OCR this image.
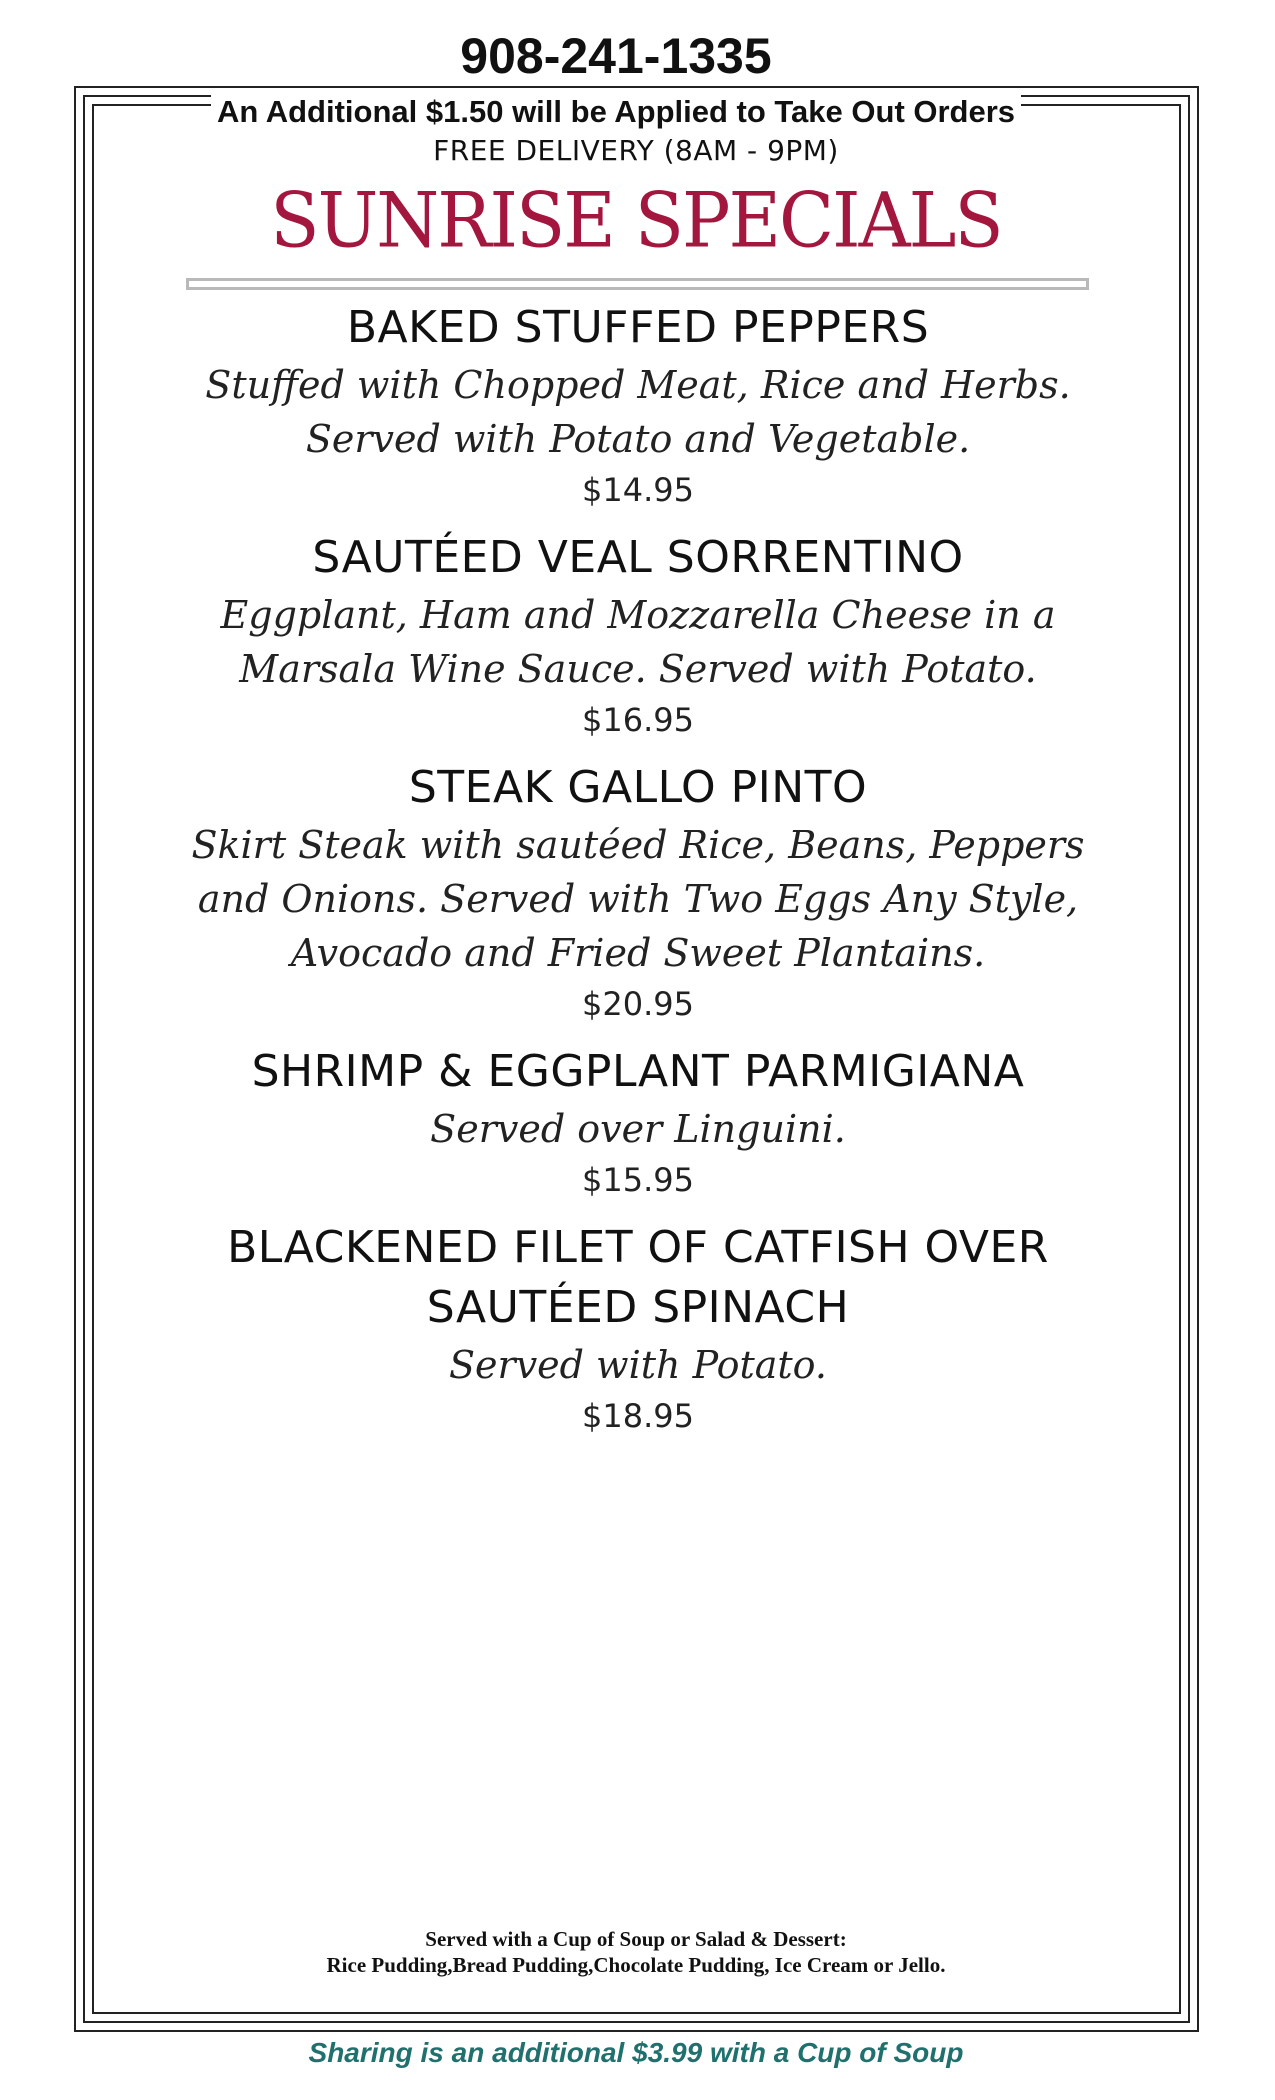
908-241-1335
An Additional $1.50 will be Applied to Take Out Orders
FREE DELIVERY (8AM - 9PM)
SUNRISE SPECIALS
BAKED STUFFED PEPPERS
Stuffed with Chopped Meat, Rice and Herbs.
Served with Potato and Vegetable.
$14.95
SAUTÉED VEAL SORRENTINO
Eggplant, Ham and Mozzarella Cheese in a
Marsala Wine Sauce. Served with Potato.
$16.95
STEAK GALLO PINTO
Skirt Steak with sautéed Rice, Beans, Peppers
and Onions. Served with Two Eggs Any Style,
Avocado and Fried Sweet Plantains.
$20.95
SHRIMP & EGGPLANT PARMIGIANA
Served over Linguini.
$15.95
BLACKENED FILET OF CATFISH OVER
SAUTÉED SPINACH
Served with Potato.
$18.95
Served with a Cup of Soup or Salad & Dessert:
Rice Pudding,Bread Pudding,Chocolate Pudding, Ice Cream or Jello.
Sharing is an additional $3.99 with a Cup of Soup
